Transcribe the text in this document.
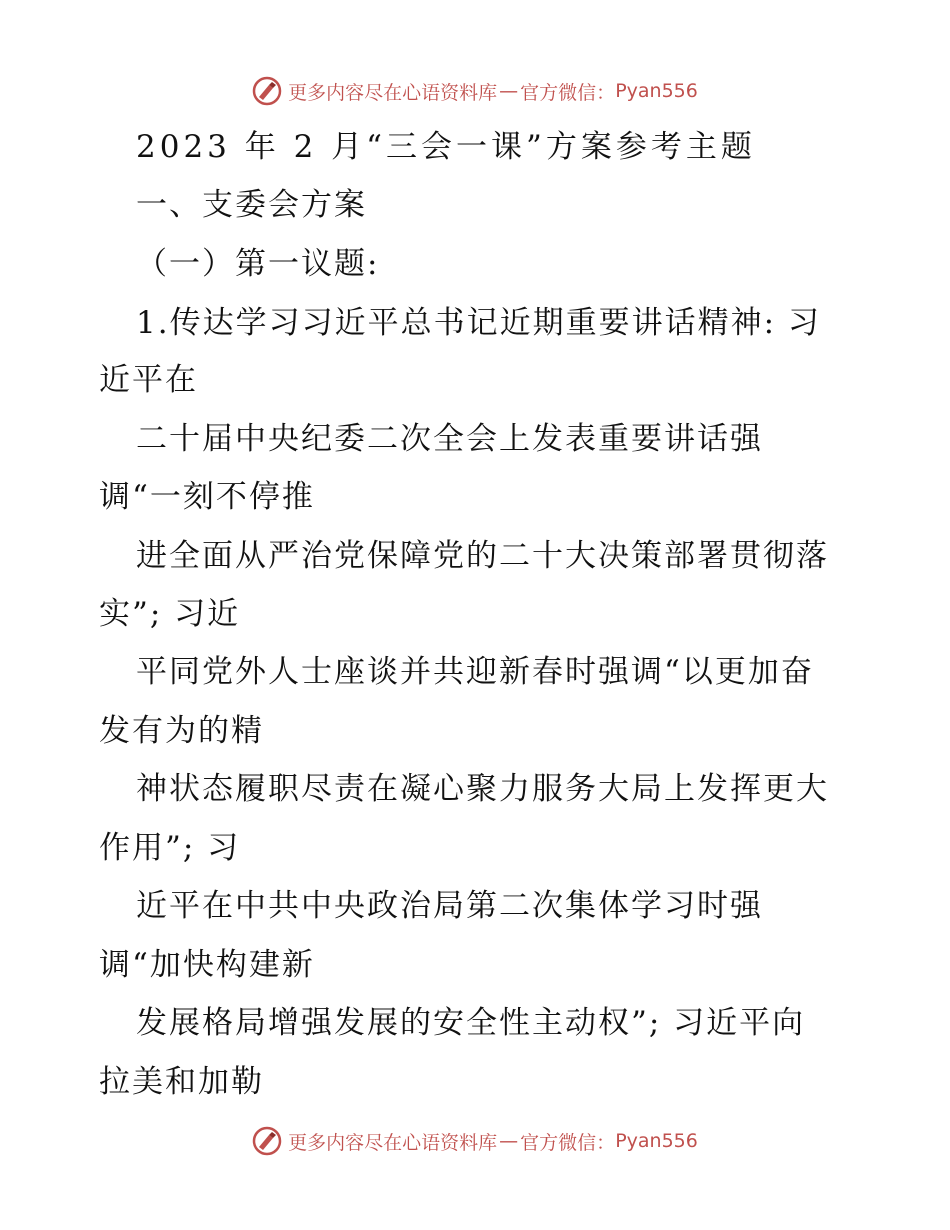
更多内容尽在心语资料库 — 官方微信： Pyan556
2023 年 2 月“三会一课”方案参考主题
一、支委会方案
（一）第一议题:
1.传达学习习近平总书记近期重要讲话精神: 习
近平在
二十届中央纪委二次全会上发表重要讲话强
调“一刻不停推
进全面从严治党保障党的二十大决策部署贯彻落
实”; 习近
平同党外人士座谈并共迎新春时强调“以更加奋
发有为的精
神状态履职尽责在凝心聚力服务大局上发挥更大
作用”; 习
近平在中共中央政治局第二次集体学习时强
调“加快构建新
发展格局增强发展的安全性主动权”; 习近平向
拉美和加勒
更多内容尽在心语资料库 — 官方微信： Pyan556
